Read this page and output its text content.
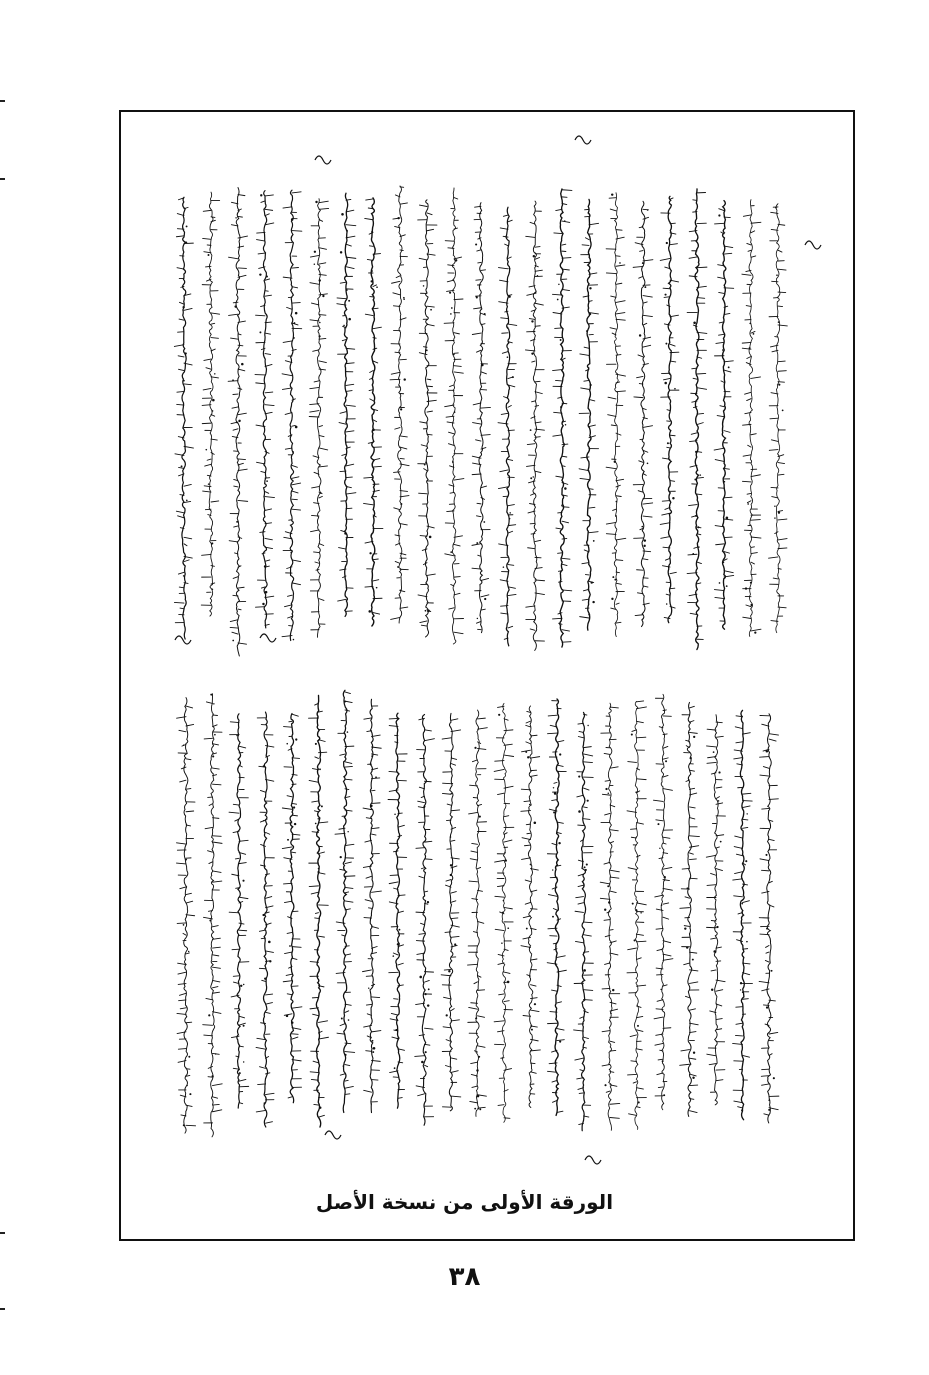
الورقة الأولى من نسخة الأصل
٣٨
